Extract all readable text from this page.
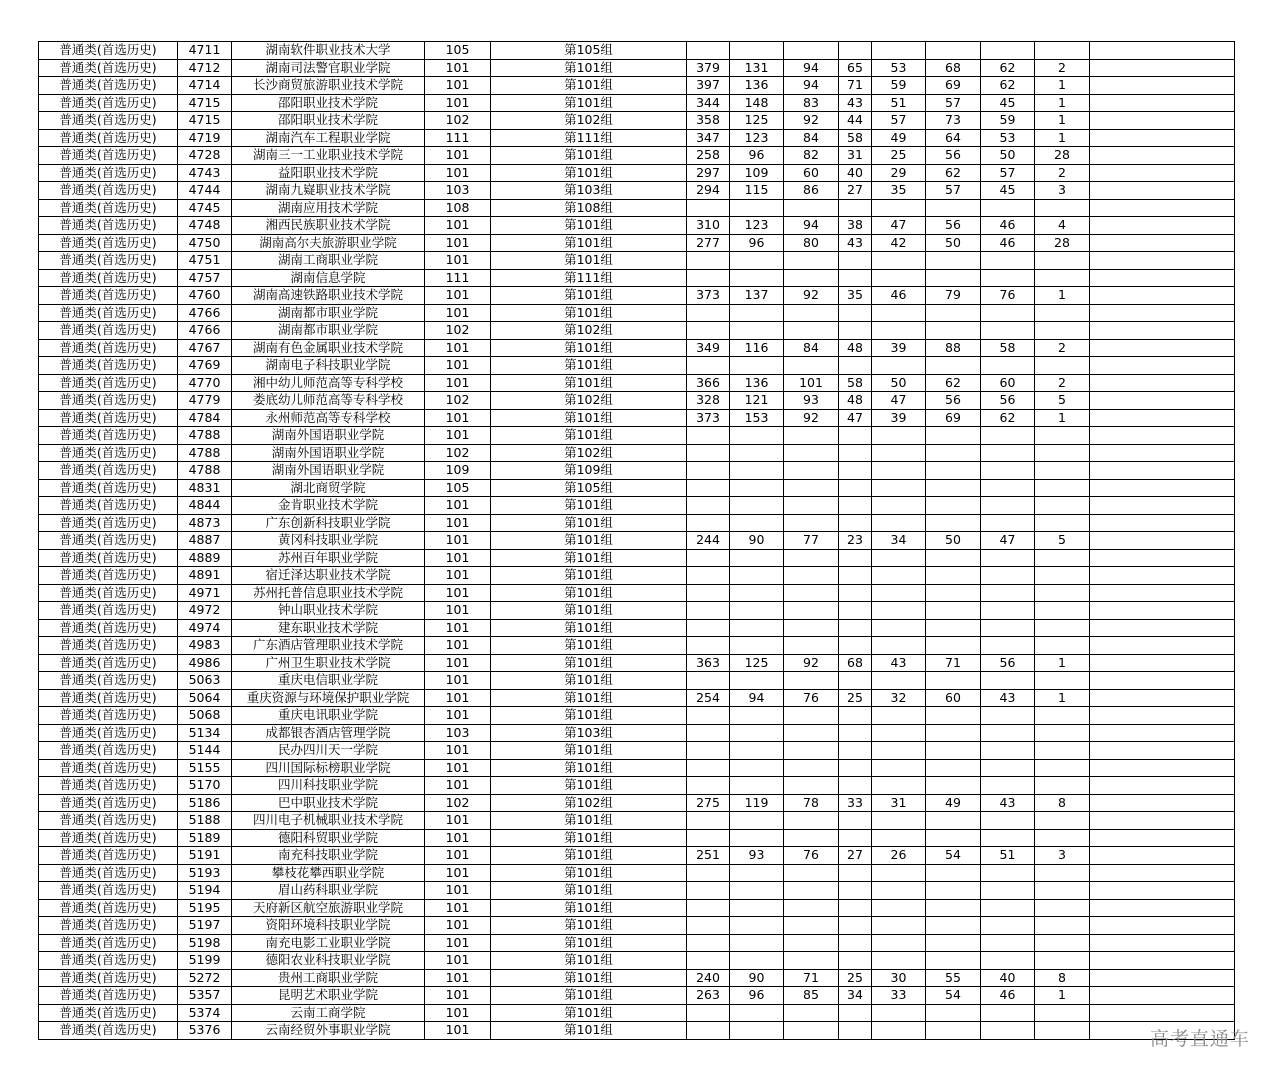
普通类(首选历史)	4711	湖南软件职业技术大学	105	第105组									
普通类(首选历史)	4712	湖南司法警官职业学院	101	第101组	379	131	94	65	53	68	62	2	
普通类(首选历史)	4714	长沙商贸旅游职业技术学院	101	第101组	397	136	94	71	59	69	62	1	
普通类(首选历史)	4715	邵阳职业技术学院	101	第101组	344	148	83	43	51	57	45	1	
普通类(首选历史)	4715	邵阳职业技术学院	102	第102组	358	125	92	44	57	73	59	1	
普通类(首选历史)	4719	湖南汽车工程职业学院	111	第111组	347	123	84	58	49	64	53	1	
普通类(首选历史)	4728	湖南三一工业职业技术学院	101	第101组	258	96	82	31	25	56	50	28	
普通类(首选历史)	4743	益阳职业技术学院	101	第101组	297	109	60	40	29	62	57	2	
普通类(首选历史)	4744	湖南九嶷职业技术学院	103	第103组	294	115	86	27	35	57	45	3	
普通类(首选历史)	4745	湖南应用技术学院	108	第108组									
普通类(首选历史)	4748	湘西民族职业技术学院	101	第101组	310	123	94	38	47	56	46	4	
普通类(首选历史)	4750	湖南高尔夫旅游职业学院	101	第101组	277	96	80	43	42	50	46	28	
普通类(首选历史)	4751	湖南工商职业学院	101	第101组									
普通类(首选历史)	4757	湖南信息学院	111	第111组									
普通类(首选历史)	4760	湖南高速铁路职业技术学院	101	第101组	373	137	92	35	46	79	76	1	
普通类(首选历史)	4766	湖南都市职业学院	101	第101组									
普通类(首选历史)	4766	湖南都市职业学院	102	第102组									
普通类(首选历史)	4767	湖南有色金属职业技术学院	101	第101组	349	116	84	48	39	88	58	2	
普通类(首选历史)	4769	湖南电子科技职业学院	101	第101组									
普通类(首选历史)	4770	湘中幼儿师范高等专科学校	101	第101组	366	136	101	58	50	62	60	2	
普通类(首选历史)	4779	娄底幼儿师范高等专科学校	102	第102组	328	121	93	48	47	56	56	5	
普通类(首选历史)	4784	永州师范高等专科学校	101	第101组	373	153	92	47	39	69	62	1	
普通类(首选历史)	4788	湖南外国语职业学院	101	第101组									
普通类(首选历史)	4788	湖南外国语职业学院	102	第102组									
普通类(首选历史)	4788	湖南外国语职业学院	109	第109组									
普通类(首选历史)	4831	湖北商贸学院	105	第105组									
普通类(首选历史)	4844	金肯职业技术学院	101	第101组									
普通类(首选历史)	4873	广东创新科技职业学院	101	第101组									
普通类(首选历史)	4887	黄冈科技职业学院	101	第101组	244	90	77	23	34	50	47	5	
普通类(首选历史)	4889	苏州百年职业学院	101	第101组									
普通类(首选历史)	4891	宿迁泽达职业技术学院	101	第101组									
普通类(首选历史)	4971	苏州托普信息职业技术学院	101	第101组									
普通类(首选历史)	4972	钟山职业技术学院	101	第101组									
普通类(首选历史)	4974	建东职业技术学院	101	第101组									
普通类(首选历史)	4983	广东酒店管理职业技术学院	101	第101组									
普通类(首选历史)	4986	广州卫生职业技术学院	101	第101组	363	125	92	68	43	71	56	1	
普通类(首选历史)	5063	重庆电信职业学院	101	第101组									
普通类(首选历史)	5064	重庆资源与环境保护职业学院	101	第101组	254	94	76	25	32	60	43	1	
普通类(首选历史)	5068	重庆电讯职业学院	101	第101组									
普通类(首选历史)	5134	成都银杏酒店管理学院	103	第103组									
普通类(首选历史)	5144	民办四川天一学院	101	第101组									
普通类(首选历史)	5155	四川国际标榜职业学院	101	第101组									
普通类(首选历史)	5170	四川科技职业学院	101	第101组									
普通类(首选历史)	5186	巴中职业技术学院	102	第102组	275	119	78	33	31	49	43	8	
普通类(首选历史)	5188	四川电子机械职业技术学院	101	第101组									
普通类(首选历史)	5189	德阳科贸职业学院	101	第101组									
普通类(首选历史)	5191	南充科技职业学院	101	第101组	251	93	76	27	26	54	51	3	
普通类(首选历史)	5193	攀枝花攀西职业学院	101	第101组									
普通类(首选历史)	5194	眉山药科职业学院	101	第101组									
普通类(首选历史)	5195	天府新区航空旅游职业学院	101	第101组									
普通类(首选历史)	5197	资阳环境科技职业学院	101	第101组									
普通类(首选历史)	5198	南充电影工业职业学院	101	第101组									
普通类(首选历史)	5199	德阳农业科技职业学院	101	第101组									
普通类(首选历史)	5272	贵州工商职业学院	101	第101组	240	90	71	25	30	55	40	8	
普通类(首选历史)	5357	昆明艺术职业学院	101	第101组	263	96	85	34	33	54	46	1	
普通类(首选历史)	5374	云南工商学院	101	第101组									
普通类(首选历史)	5376	云南经贸外事职业学院	101	第101组										高考直通车
